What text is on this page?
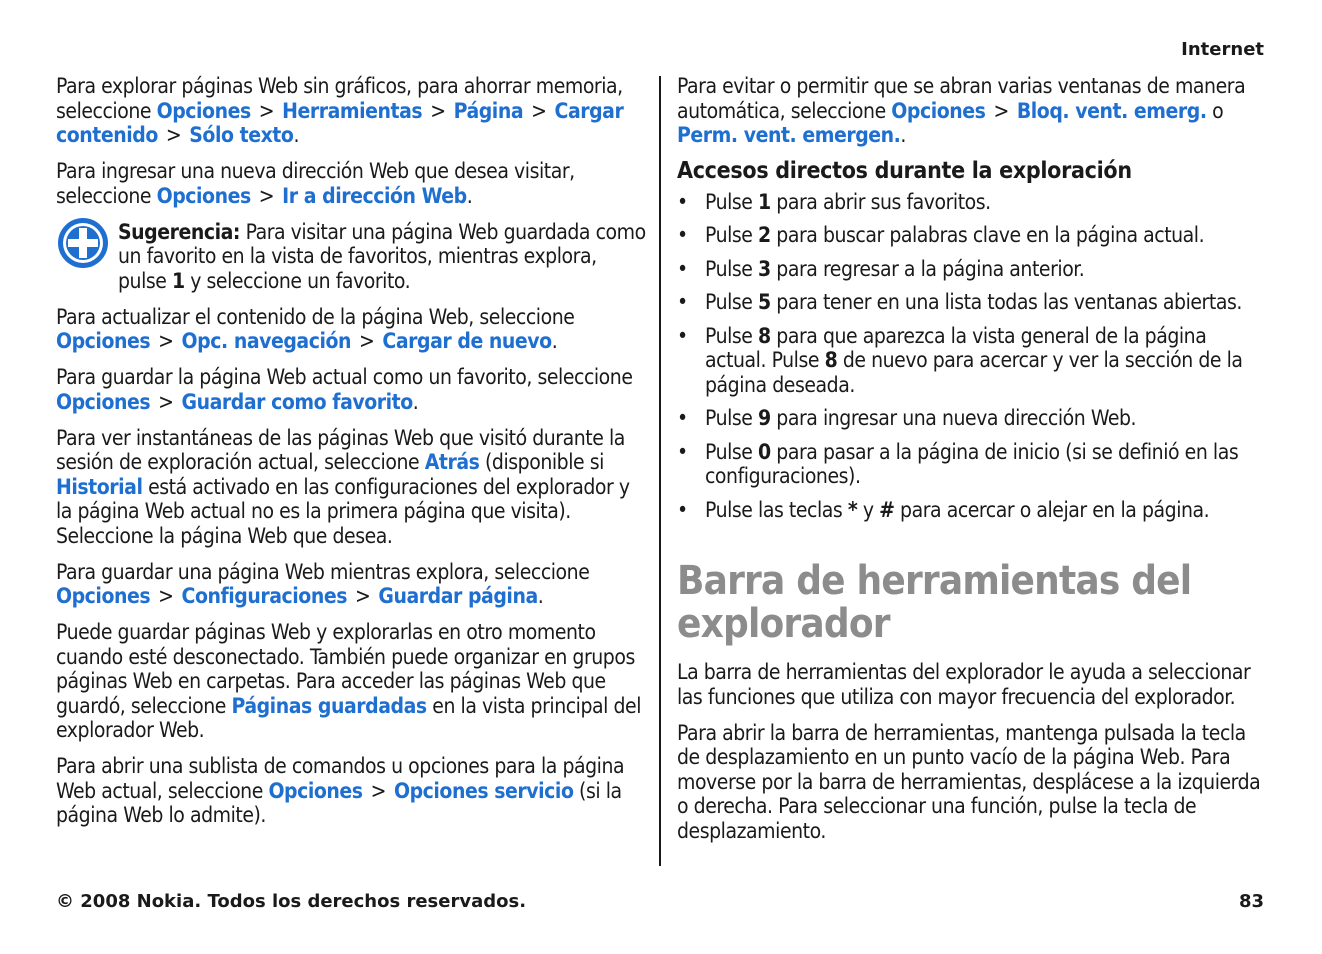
Internet

Para explorar páginas Web sin gráficos, para ahorrar memoria, seleccione Opciones > Herramientas > Página > Cargar contenido > Sólo texto.

Para ingresar una nueva dirección Web que desea visitar, seleccione Opciones > Ir a dirección Web.

Sugerencia: Para visitar una página Web guardada como un favorito en la vista de favoritos, mientras explora, pulse 1 y seleccione un favorito.

Para actualizar el contenido de la página Web, seleccione Opciones > Opc. navegación > Cargar de nuevo.

Para guardar la página Web actual como un favorito, seleccione Opciones > Guardar como favorito.

Para ver instantáneas de las páginas Web que visitó durante la sesión de exploración actual, seleccione Atrás (disponible si Historial está activado en las configuraciones del explorador y la página Web actual no es la primera página que visita). Seleccione la página Web que desea.

Para guardar una página Web mientras explora, seleccione Opciones > Configuraciones > Guardar página.

Puede guardar páginas Web y explorarlas en otro momento cuando esté desconectado. También puede organizar en grupos páginas Web en carpetas. Para acceder las páginas Web que guardó, seleccione Páginas guardadas en la vista principal del explorador Web.

Para abrir una sublista de comandos u opciones para la página Web actual, seleccione Opciones > Opciones servicio (si la página Web lo admite).

Para evitar o permitir que se abran varias ventanas de manera automática, seleccione Opciones > Bloq. vent. emerg. o Perm. vent. emergen..

Accesos directos durante la exploración
• Pulse 1 para abrir sus favoritos.
• Pulse 2 para buscar palabras clave en la página actual.
• Pulse 3 para regresar a la página anterior.
• Pulse 5 para tener en una lista todas las ventanas abiertas.
• Pulse 8 para que aparezca la vista general de la página actual. Pulse 8 de nuevo para acercar y ver la sección de la página deseada.
• Pulse 9 para ingresar una nueva dirección Web.
• Pulse 0 para pasar a la página de inicio (si se definió en las configuraciones).
• Pulse las teclas * y # para acercar o alejar en la página.
Barra de herramientas del explorador

La barra de herramientas del explorador le ayuda a seleccionar las funciones que utiliza con mayor frecuencia del explorador.

Para abrir la barra de herramientas, mantenga pulsada la tecla de desplazamiento en un punto vacío de la página Web. Para moverse por la barra de herramientas, desplácese a la izquierda o derecha. Para seleccionar una función, pulse la tecla de desplazamiento.

© 2008 Nokia. Todos los derechos reservados.	83
